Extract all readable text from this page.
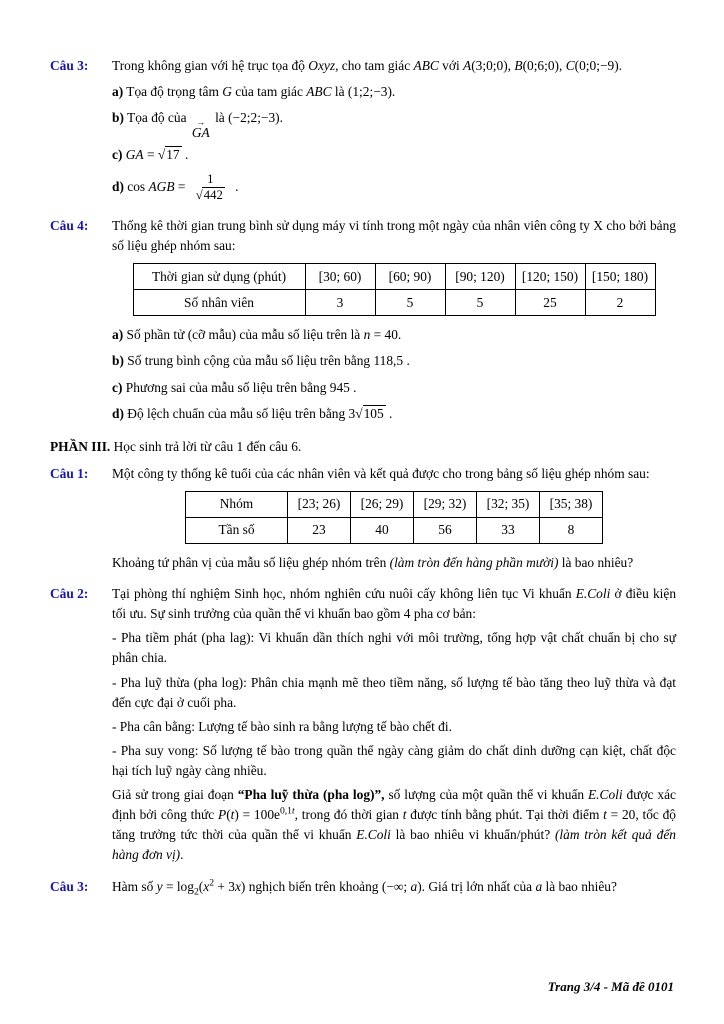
Câu 3:	Trong không gian với hệ trục tọa độ Oxyz, cho tam giác ABC với A(3;0;0), B(0;6;0), C(0;0;−9).

a) Tọa độ trọng tâm G của tam giác ABC là (1;2;−3).

b) Tọa độ của →
GA
là (−2;2;−3).

c) GA = √17 .

d) cos AGB = $\frac{1}{√442}$ .

Câu 4:	Thống kê thời gian trung bình sử dụng máy vi tính trong một ngày của nhân viên công ty X cho bởi bảng số liệu ghép nhóm sau:

Thời gian sử dụng (phút)	[30; 60)	[60; 90)	[90; 120)	[120; 150)	[150; 180)
Số nhân viên	3	5	5	25	2

a) Số phần tử (cỡ mẫu) của mẫu số liệu trên là n = 40.

b) Số trung bình cộng của mẫu số liệu trên bằng 118,5 .

c) Phương sai của mẫu số liệu trên bằng 945 .

d) Độ lệch chuẩn của mẫu số liệu trên bằng 3√105 .

PHẦN III. Học sinh trả lời từ câu 1 đến câu 6.

Câu 1:	Một công ty thống kê tuổi của các nhân viên và kết quả được cho trong bảng số liệu ghép nhóm sau:

Nhóm	[23; 26)	[26; 29)	[29; 32)	[32; 35)	[35; 38)
Tần số	23	40	56	33	8

Khoảng tứ phân vị của mẫu số liệu ghép nhóm trên (làm tròn đến hàng phần mười) là bao nhiêu?

Câu 2:	Tại phòng thí nghiệm Sinh học, nhóm nghiên cứu nuôi cấy không liên tục Vi khuẩn E.Coli ở điều kiện tối ưu. Sự sinh trưởng của quần thể vi khuẩn bao gồm 4 pha cơ bản:

- Pha tiềm phát (pha lag): Vi khuẩn dần thích nghi với môi trường, tổng hợp vật chất chuẩn bị cho sự phân chia.

- Pha luỹ thừa (pha log): Phân chia mạnh mẽ theo tiềm năng, số lượng tế bào tăng theo luỹ thừa và đạt đến cực đại ở cuối pha.

- Pha cân bằng: Lượng tế bào sinh ra bằng lượng tế bào chết đi.

- Pha suy vong: Số lượng tế bào trong quần thể ngày càng giảm do chất dinh dưỡng cạn kiệt, chất độc hại tích luỹ ngày càng nhiều.

Giả sử trong giai đoạn “Pha luỹ thừa (pha log)”, số lượng của một quần thể vi khuẩn E.Coli được xác định bởi công thức $P(t) = 100e^{0,1t}$, trong đó thời gian t được tính bằng phút. Tại thời điểm t = 20, tốc độ tăng trưởng tức thời của quần thể vi khuẩn E.Coli là bao nhiêu vi khuẩn/phút? (làm tròn kết quả đến hàng đơn vị).

Câu 3:	Hàm số $y = \log_2(x^2 + 3x)$ nghịch biến trên khoảng (−∞; a). Giá trị lớn nhất của a là bao nhiêu?

Trang 3/4 - Mã đề 0101
